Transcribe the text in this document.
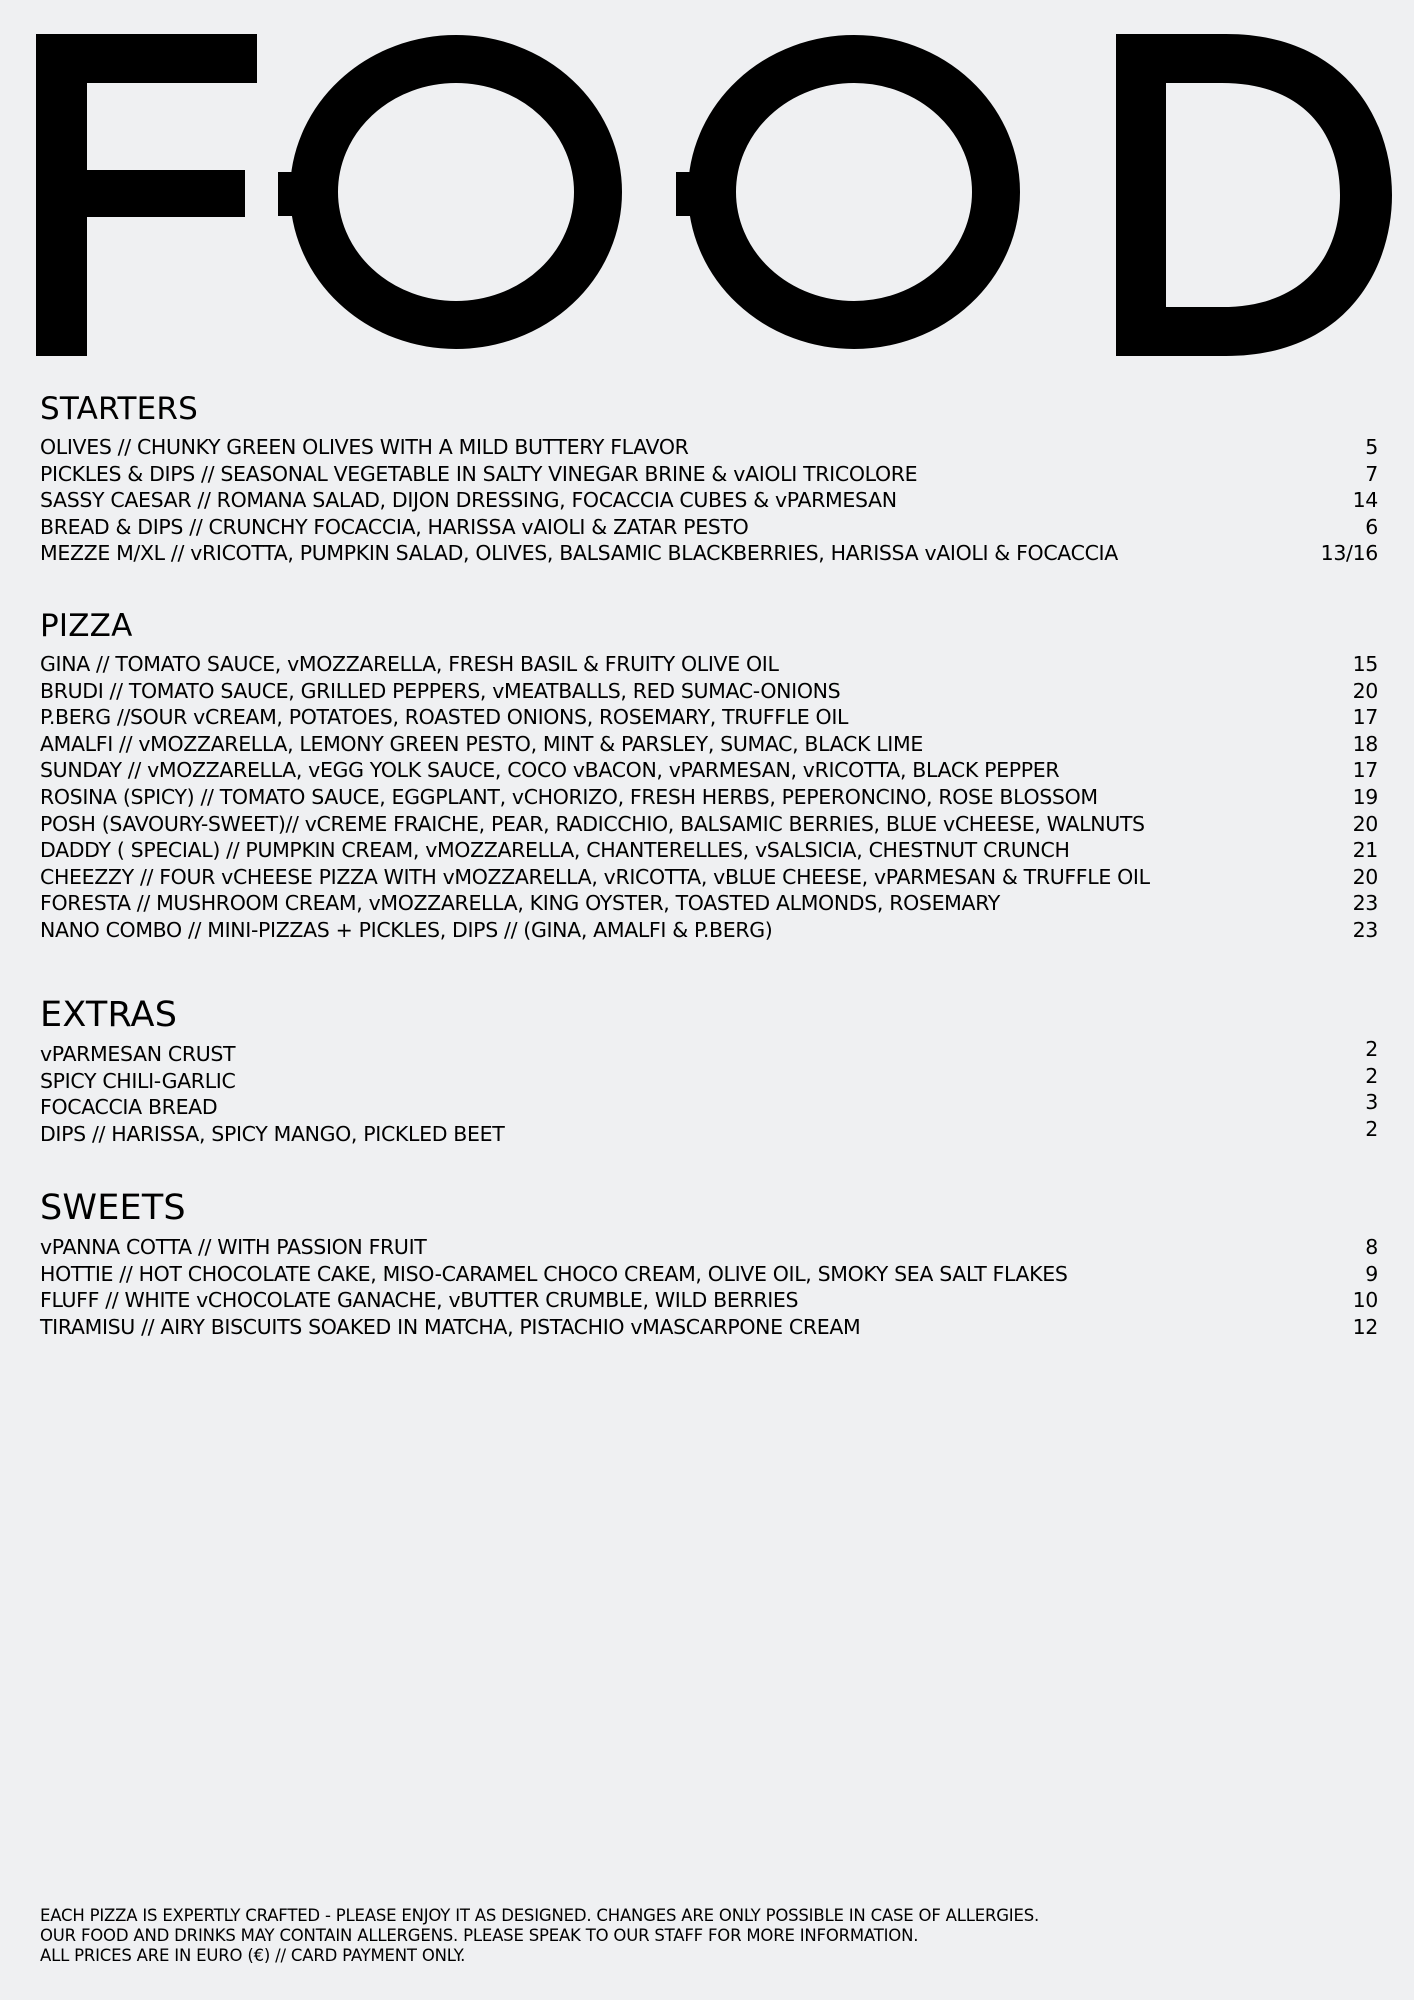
STARTERS
OLIVES // CHUNKY GREEN OLIVES WITH A MILD BUTTERY FLAVOR	5
PICKLES & DIPS // SEASONAL VEGETABLE IN SALTY VINEGAR BRINE & vAIOLI TRICOLORE	7
SASSY CAESAR // ROMANA SALAD, DIJON DRESSING, FOCACCIA CUBES & vPARMESAN	14
BREAD & DIPS // CRUNCHY FOCACCIA, HARISSA vAIOLI & ZATAR PESTO	6
MEZZE M/XL // vRICOTTA, PUMPKIN SALAD, OLIVES, BALSAMIC BLACKBERRIES, HARISSA vAIOLI & FOCACCIA	13/16
PIZZA
GINA // TOMATO SAUCE, vMOZZARELLA, FRESH BASIL & FRUITY OLIVE OIL	15
BRUDI // TOMATO SAUCE, GRILLED PEPPERS, vMEATBALLS, RED SUMAC-ONIONS	20
P.BERG //SOUR vCREAM, POTATOES, ROASTED ONIONS, ROSEMARY, TRUFFLE OIL	17
AMALFI // vMOZZARELLA, LEMONY GREEN PESTO, MINT & PARSLEY, SUMAC, BLACK LIME	18
SUNDAY // vMOZZARELLA, vEGG YOLK SAUCE, COCO vBACON, vPARMESAN, vRICOTTA, BLACK PEPPER	17
ROSINA (SPICY) // TOMATO SAUCE, EGGPLANT, vCHORIZO, FRESH HERBS, PEPERONCINO, ROSE BLOSSOM	19
POSH (SAVOURY-SWEET)// vCREME FRAICHE, PEAR, RADICCHIO, BALSAMIC BERRIES, BLUE vCHEESE, WALNUTS	20
DADDY ( SPECIAL) // PUMPKIN CREAM, vMOZZARELLA, CHANTERELLES, vSALSICIA, CHESTNUT CRUNCH	21
CHEEZZY // FOUR vCHEESE PIZZA WITH vMOZZARELLA, vRICOTTA, vBLUE CHEESE, vPARMESAN & TRUFFLE OIL	20
FORESTA // MUSHROOM CREAM, vMOZZARELLA, KING OYSTER, TOASTED ALMONDS, ROSEMARY	23
NANO COMBO // MINI-PIZZAS + PICKLES, DIPS // (GINA, AMALFI & P.BERG)	23
EXTRAS
vPARMESAN CRUST	2
SPICY CHILI-GARLIC	2
FOCACCIA BREAD	3
DIPS // HARISSA, SPICY MANGO, PICKLED BEET	2
SWEETS
vPANNA COTTA // WITH PASSION FRUIT	8
HOTTIE // HOT CHOCOLATE CAKE, MISO-CARAMEL CHOCO CREAM, OLIVE OIL, SMOKY SEA SALT FLAKES	9
FLUFF // WHITE vCHOCOLATE GANACHE, vBUTTER CRUMBLE, WILD BERRIES	10
TIRAMISU // AIRY BISCUITS SOAKED IN MATCHA, PISTACHIO vMASCARPONE CREAM	12
EACH PIZZA IS EXPERTLY CRAFTED - PLEASE ENJOY IT AS DESIGNED. CHANGES ARE ONLY POSSIBLE IN CASE OF ALLERGIES.
OUR FOOD AND DRINKS MAY CONTAIN ALLERGENS. PLEASE SPEAK TO OUR STAFF FOR MORE INFORMATION.
ALL PRICES ARE IN EURO (€) // CARD PAYMENT ONLY.
